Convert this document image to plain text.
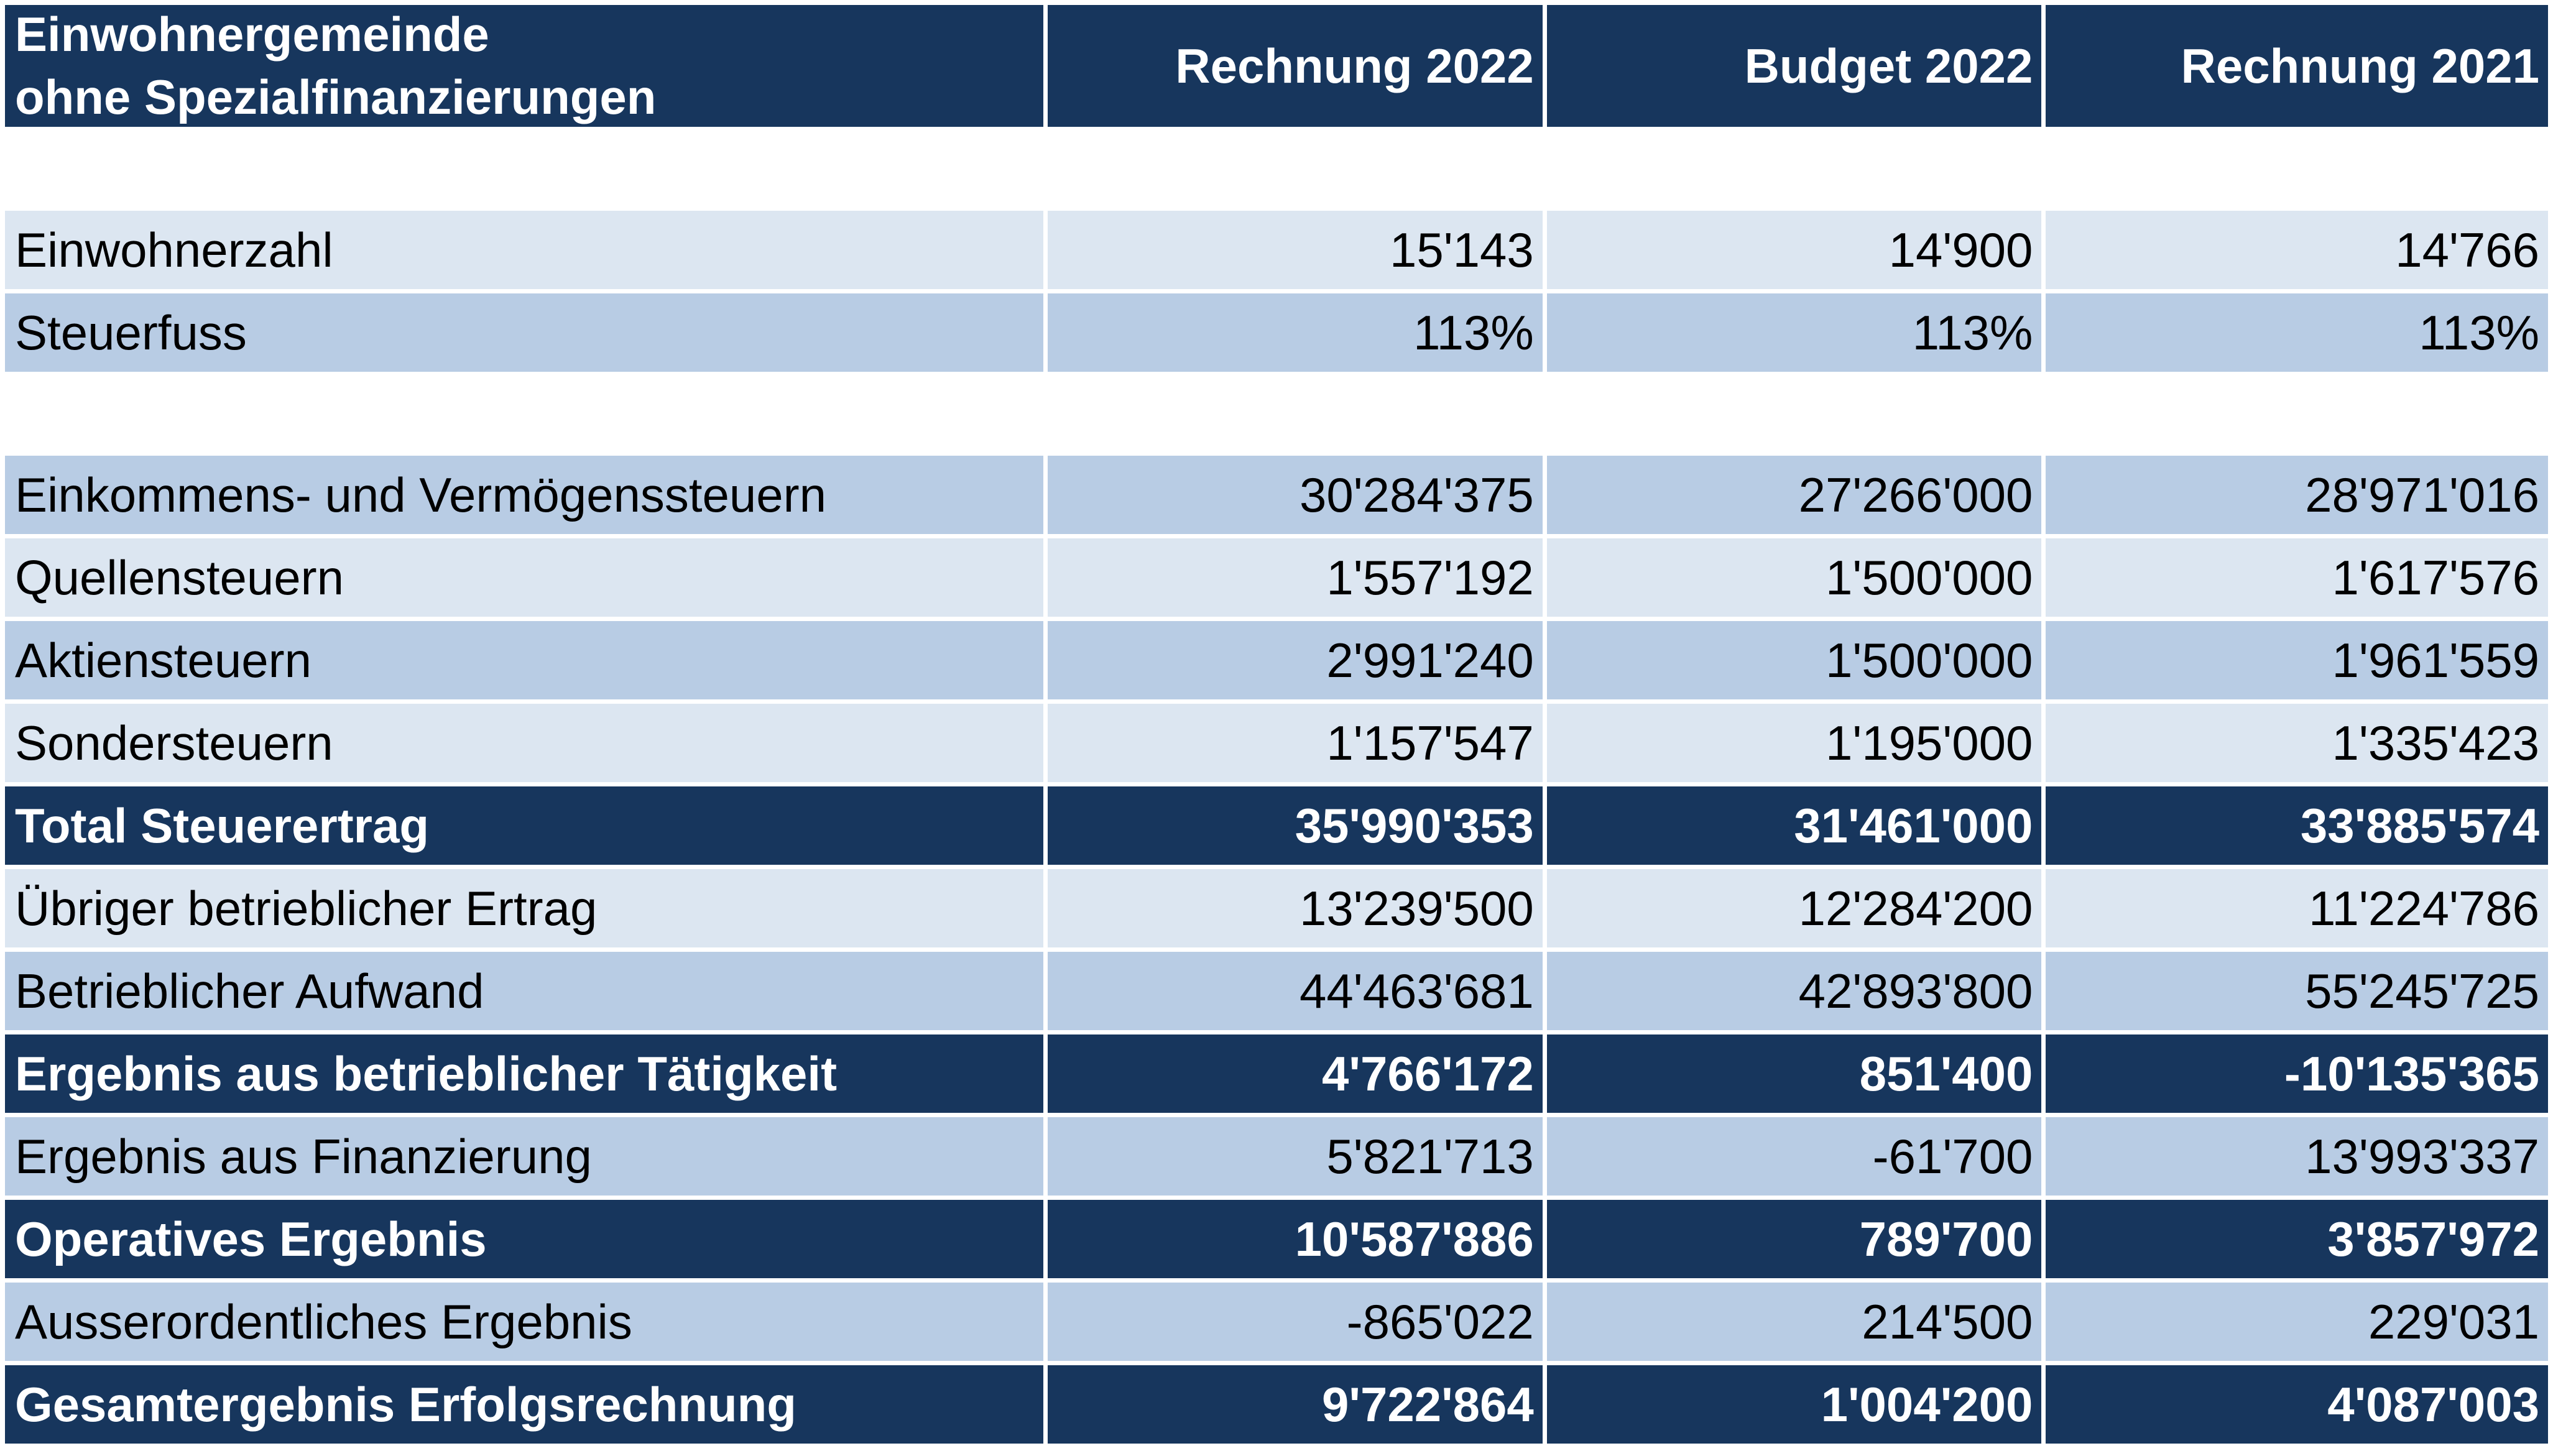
Einwohnergemeinde
ohne Spezialfinanzierungen
Rechnung 2022	Budget 2022	Rechnung 2021
Einwohnerzahl	15'143	14'900	14'766
Steuerfuss	113%	113%	113%
Einkommens- und Vermögenssteuern	30'284'375	27'266'000	28'971'016
Quellensteuern	1'557'192	1'500'000	1'617'576
Aktiensteuern	2'991'240	1'500'000	1'961'559
Sondersteuern	1'157'547	1'195'000	1'335'423
Total Steuerertrag	35'990'353	31'461'000	33'885'574
Übriger betrieblicher Ertrag	13'239'500	12'284'200	11'224'786
Betrieblicher Aufwand	44'463'681	42'893'800	55'245'725
Ergebnis aus betrieblicher Tätigkeit	4'766'172	851'400	-10'135'365
Ergebnis aus Finanzierung	5'821'713	-61'700	13'993'337
Operatives Ergebnis	10'587'886	789'700	3'857'972
Ausserordentliches Ergebnis	-865'022	214'500	229'031
Gesamtergebnis Erfolgsrechnung	9'722'864	1'004'200	4'087'003
